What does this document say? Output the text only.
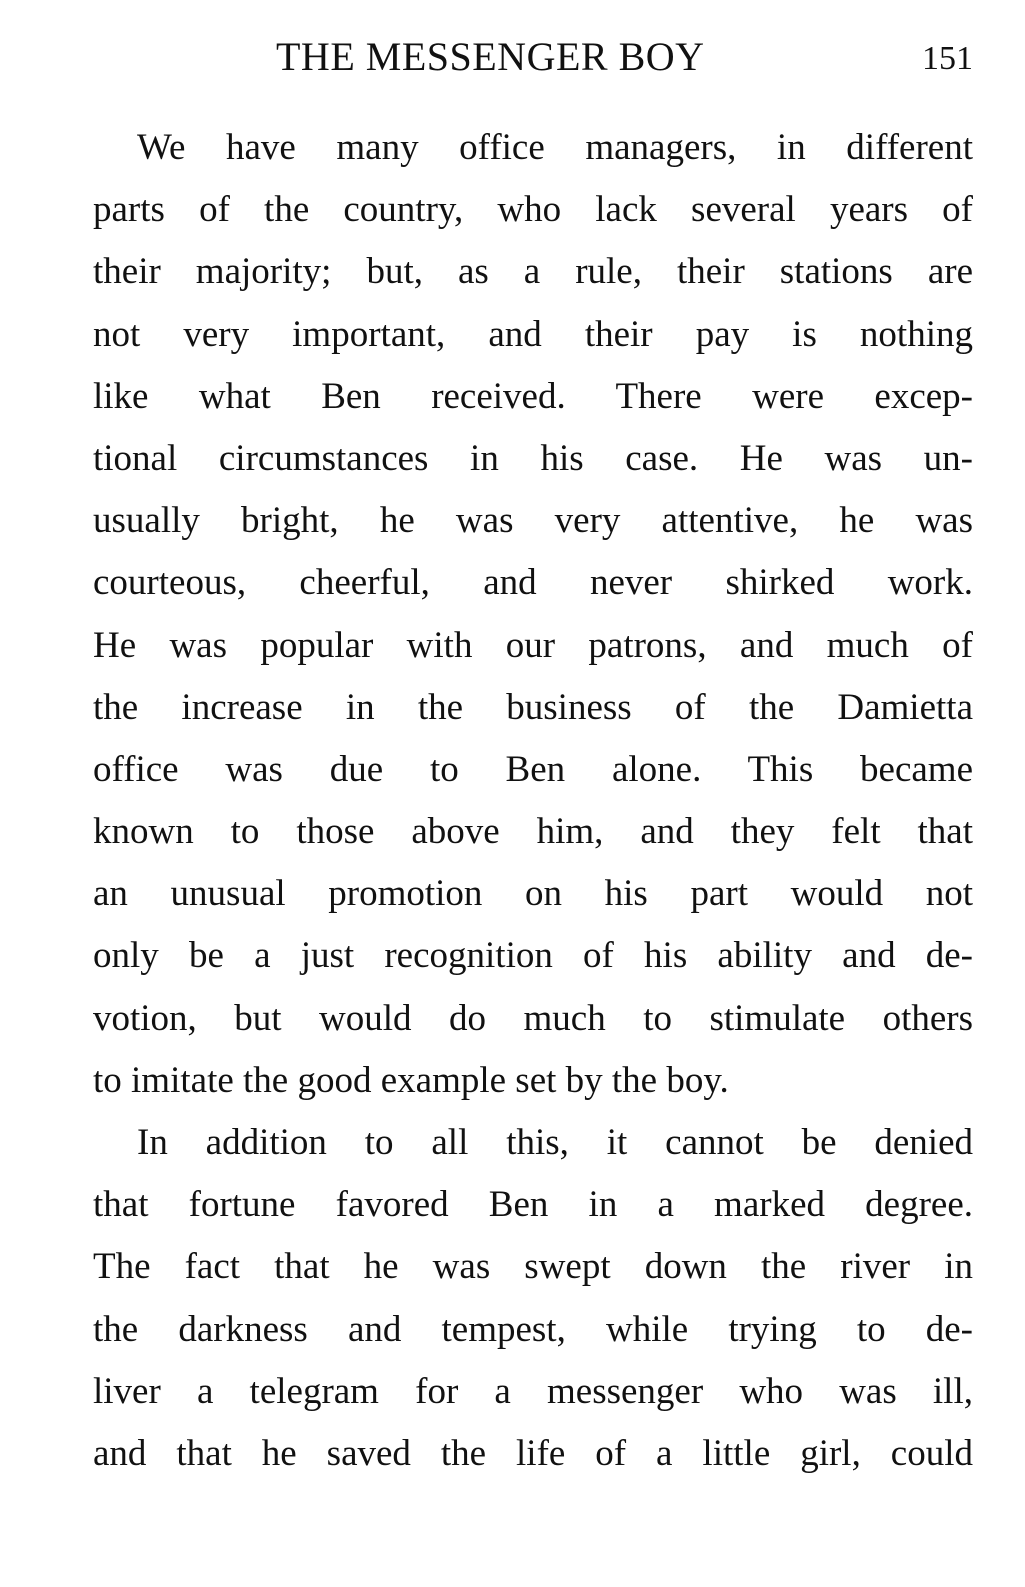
THE MESSENGER BOY	151
We have many office managers, in different
parts of the country, who lack several years of
their majority; but, as a rule, their stations are
not very important, and their pay is nothing
like what Ben received. There were excep-
tional circumstances in his case. He was un-
usually bright, he was very attentive, he was
courteous, cheerful, and never shirked work.
He was popular with our patrons, and much of
the increase in the business of the Damietta
office was due to Ben alone. This became
known to those above him, and they felt that
an unusual promotion on his part would not
only be a just recognition of his ability and de-
votion, but would do much to stimulate others
to imitate the good example set by the boy.
In addition to all this, it cannot be denied
that fortune favored Ben in a marked degree.
The fact that he was swept down the river in
the darkness and tempest, while trying to de-
liver a telegram for a messenger who was ill,
and that he saved the life of a little girl, could
